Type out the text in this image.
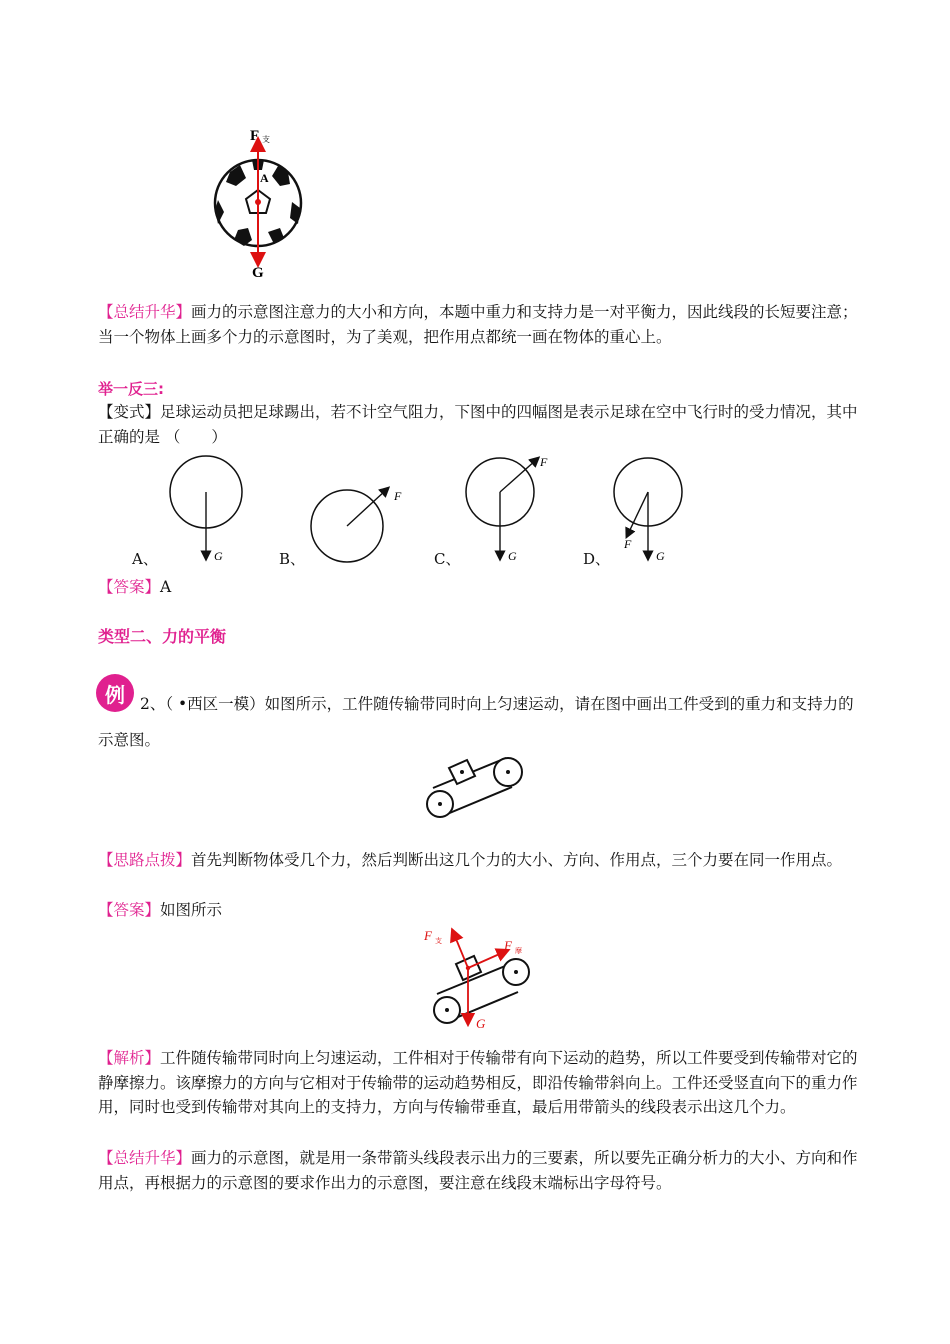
F 支
A
G
【总结升华】画力的示意图注意力的大小和方向，本题中重力和支持力是一对平衡力，因此线段的长短要注意；当一个物体上画多个力的示意图时，为了美观，把作用点都统一画在物体的重心上。
举一反三:
【变式】足球运动员把足球踢出，若不计空气阻力，下图中的四幅图是表示足球在空中飞行时的受力情况，其中正确的是 （　　）
G
F
F
G
F
G
A、	B、	C、	D、
【答案】A
类型二、力的平衡
例 2、（ •西区一模）如图所示，工件随传输带同时向上匀速运动，请在图中画出工件受到的重力和支持力的示意图。
【思路点拨】首先判断物体受几个力，然后判断出这几个力的大小、方向、作用点，三个力要在同一作用点。
【答案】如图所示
F 支	F 摩
G
【解析】工件随传输带同时向上匀速运动，工件相对于传输带有向下运动的趋势，所以工件要受到传输带对它的静摩擦力。该摩擦力的方向与它相对于传输带的运动趋势相反，即沿传输带斜向上。工件还受竖直向下的重力作用，同时也受到传输带对其向上的支持力，方向与传输带垂直，最后用带箭头的线段表示出这几个力。
【总结升华】画力的示意图，就是用一条带箭头线段表示出力的三要素，所以要先正确分析力的大小、方向和作用点，再根据力的示意图的要求作出力的示意图，要注意在线段末端标出字母符号。
